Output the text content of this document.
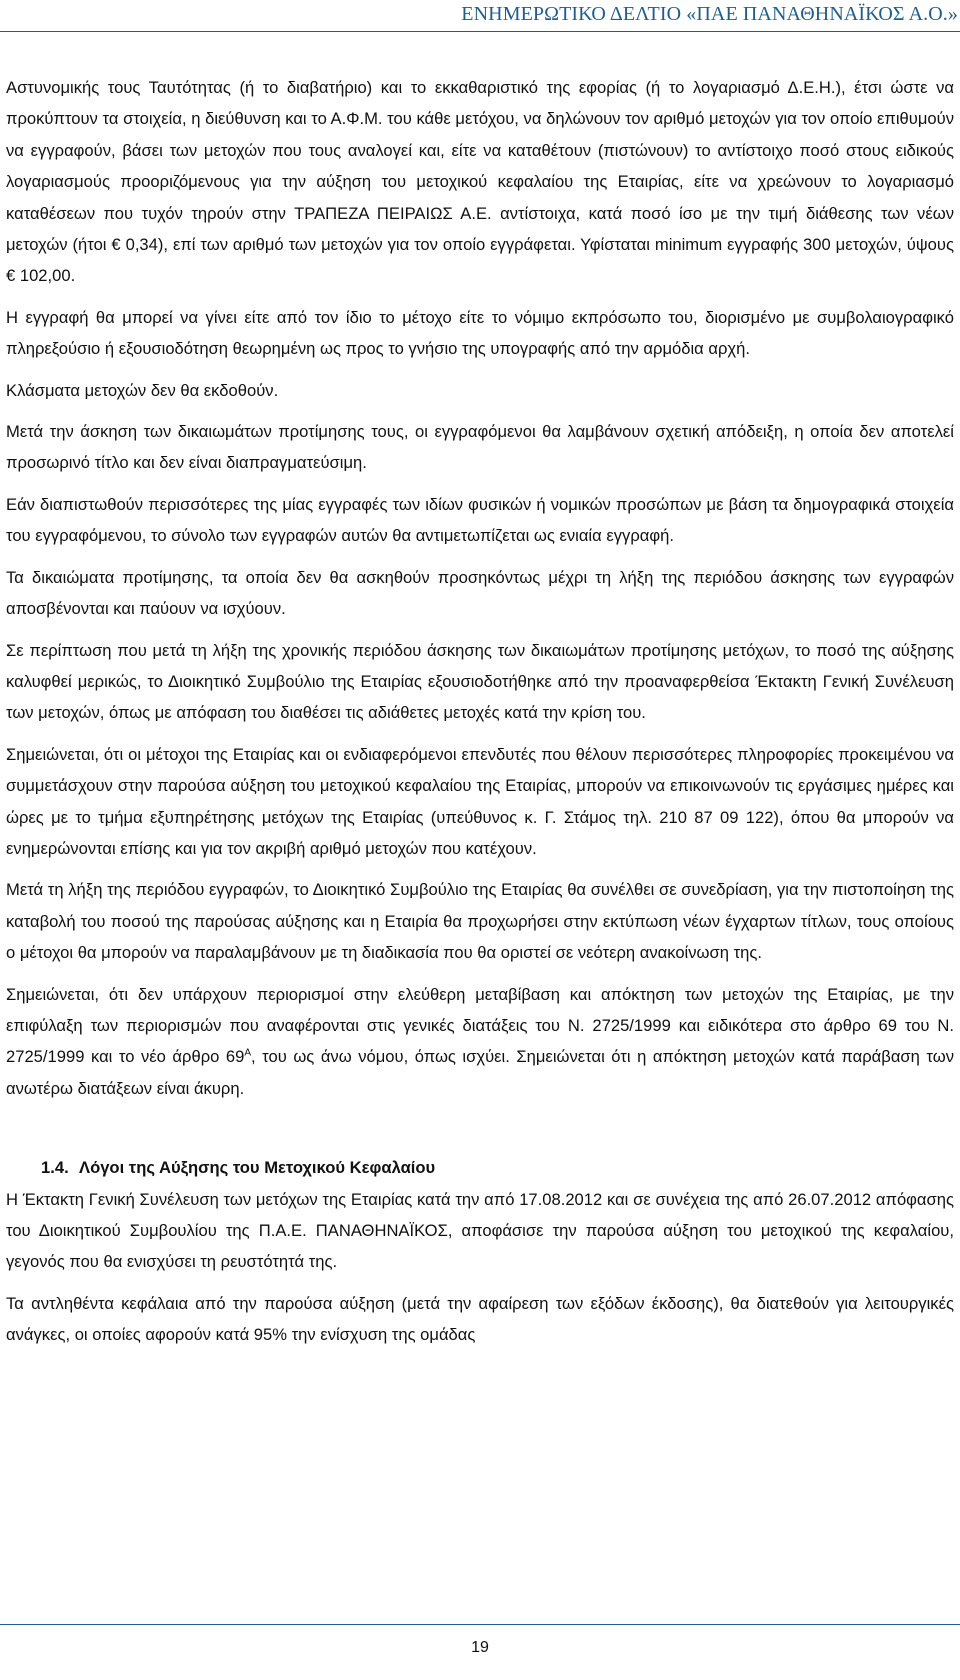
ΕΝΗΜΕΡΩΤΙΚΟ ΔΕΛΤΙΟ «ΠΑΕ ΠΑΝΑΘΗΝΑΪΚΟΣ Α.Ο.»

Αστυνομικής τους Ταυτότητας (ή το διαβατήριο) και το εκκαθαριστικό της εφορίας (ή το λογαριασμό Δ.Ε.Η.), έτσι ώστε να προκύπτουν τα στοιχεία, η διεύθυνση και το Α.Φ.Μ. του κάθε μετόχου, να δηλώνουν τον αριθμό μετοχών για τον οποίο επιθυμούν να εγγραφούν, βάσει των μετοχών που τους αναλογεί και, είτε να καταθέτουν (πιστώνουν) το αντίστοιχο ποσό στους ειδικούς λογαριασμούς προοριζόμενους για την αύξηση του μετοχικού κεφαλαίου της Εταιρίας, είτε να χρεώνουν το λογαριασμό καταθέσεων που τυχόν τηρούν στην ΤΡΑΠΕΖΑ ΠΕΙΡΑΙΩΣ Α.Ε. αντίστοιχα, κατά ποσό ίσο με την τιμή διάθεσης των νέων μετοχών (ήτοι € 0,34), επί των αριθμό των μετοχών για τον οποίο εγγράφεται. Υφίσταται minimum εγγραφής 300 μετοχών, ύψους € 102,00.

Η εγγραφή θα μπορεί να γίνει είτε από τον ίδιο το μέτοχο είτε το νόμιμο εκπρόσωπο του, διορισμένο με συμβολαιογραφικό πληρεξούσιο ή εξουσιοδότηση θεωρημένη ως προς το γνήσιο της υπογραφής από την αρμόδια αρχή.

Κλάσματα μετοχών δεν θα εκδοθούν.

Μετά την άσκηση των δικαιωμάτων προτίμησης τους, οι εγγραφόμενοι θα λαμβάνουν σχετική απόδειξη, η οποία δεν αποτελεί προσωρινό τίτλο και δεν είναι διαπραγματεύσιμη.

Εάν διαπιστωθούν περισσότερες της μίας εγγραφές των ιδίων φυσικών ή νομικών προσώπων με βάση τα δημογραφικά στοιχεία του εγγραφόμενου, το σύνολο των εγγραφών αυτών θα αντιμετωπίζεται ως ενιαία εγγραφή.

Τα δικαιώματα προτίμησης, τα οποία δεν θα ασκηθούν προσηκόντως μέχρι τη λήξη της περιόδου άσκησης των εγγραφών αποσβένονται και παύουν να ισχύουν.

Σε περίπτωση που μετά τη λήξη της χρονικής περιόδου άσκησης των δικαιωμάτων προτίμησης μετόχων, το ποσό της αύξησης καλυφθεί μερικώς, το Διοικητικό Συμβούλιο της Εταιρίας εξουσιοδοτήθηκε από την προαναφερθείσα Έκτακτη Γενική Συνέλευση των μετοχών, όπως με απόφαση του διαθέσει τις αδιάθετες μετοχές κατά την κρίση του.

Σημειώνεται, ότι οι μέτοχοι της Εταιρίας και οι ενδιαφερόμενοι επενδυτές που θέλουν περισσότερες πληροφορίες προκειμένου να συμμετάσχουν στην παρούσα αύξηση του μετοχικού κεφαλαίου της Εταιρίας, μπορούν να επικοινωνούν τις εργάσιμες ημέρες και ώρες με το τμήμα εξυπηρέτησης μετόχων της Εταιρίας (υπεύθυνος κ. Γ. Στάμος τηλ. 210 87 09 122), όπου θα μπορούν να ενημερώνονται επίσης και για τον ακριβή αριθμό μετοχών που κατέχουν.

Μετά τη λήξη της περιόδου εγγραφών, το Διοικητικό Συμβούλιο της Εταιρίας θα συνέλθει σε συνεδρίαση, για την πιστοποίηση της καταβολή του ποσού της παρούσας αύξησης και η Εταιρία θα προχωρήσει στην εκτύπωση νέων έγχαρτων τίτλων, τους οποίους ο μέτοχοι θα μπορούν να παραλαμβάνουν με τη διαδικασία που θα οριστεί σε νεότερη ανακοίνωση της.

Σημειώνεται, ότι δεν υπάρχουν περιορισμοί στην ελεύθερη μεταβίβαση και απόκτηση των μετοχών της Εταιρίας, με την επιφύλαξη των περιορισμών που αναφέρονται στις γενικές διατάξεις του Ν. 2725/1999 και ειδικότερα στο άρθρο 69 του Ν. 2725/1999 και το νέο άρθρο $69^A$, του ως άνω νόμου, όπως ισχύει. Σημειώνεται ότι η απόκτηση μετοχών κατά παράβαση των ανωτέρω διατάξεων είναι άκυρη.

1.4. Λόγοι της Αύξησης του Μετοχικού Κεφαλαίου

Η Έκτακτη Γενική Συνέλευση των μετόχων της Εταιρίας κατά την από 17.08.2012 και σε συνέχεια της από 26.07.2012 απόφασης του Διοικητικού Συμβουλίου της Π.Α.Ε. ΠΑΝΑΘΗΝΑΪΚΟΣ, αποφάσισε την παρούσα αύξηση του μετοχικού της κεφαλαίου, γεγονός που θα ενισχύσει τη ρευστότητά της.

Τα αντληθέντα κεφάλαια από την παρούσα αύξηση (μετά την αφαίρεση των εξόδων έκδοσης), θα διατεθούν για λειτουργικές ανάγκες, οι οποίες αφορούν κατά 95% την ενίσχυση της ομάδας

19
